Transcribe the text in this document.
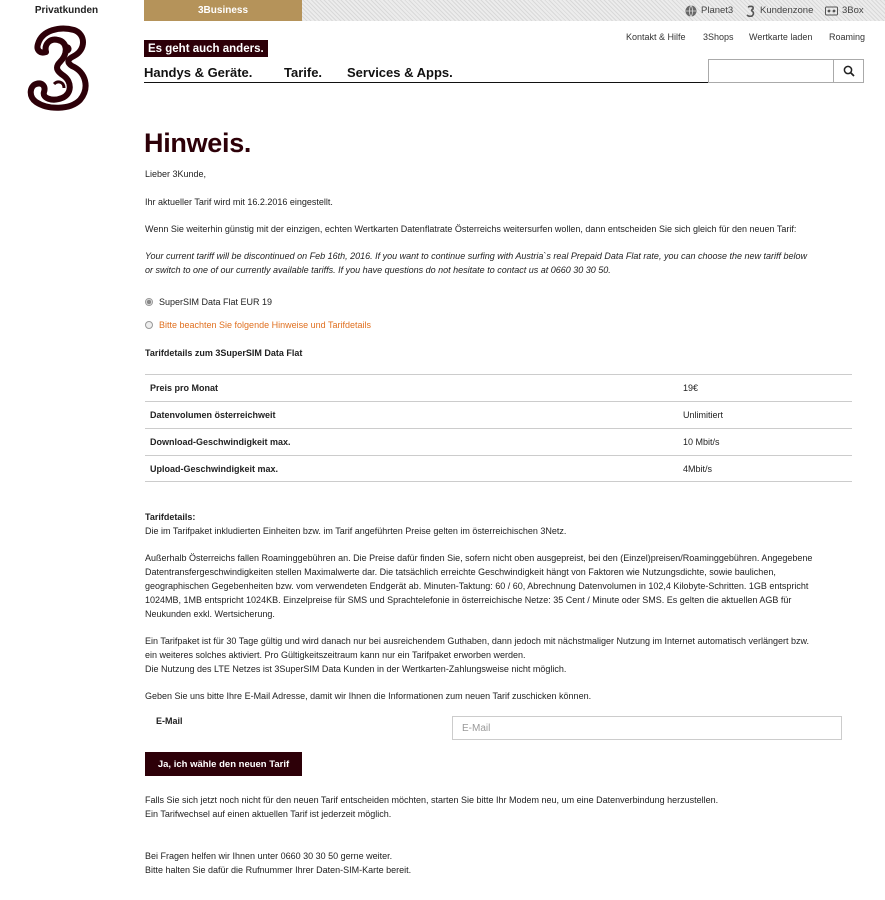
Privatkunden	3Business	Planet3	Kundenzone	3Box
Es geht auch anders.
Kontakt & Hilfe 3Shops Wertkarte laden Roaming
Handys & Geräte. Tarife. Services & Apps.
Hinweis.
Lieber 3Kunde,
Ihr aktueller Tarif wird mit 16.2.2016 eingestellt.
Wenn Sie weiterhin günstig mit der einzigen, echten Wertkarten Datenflatrate Österreichs weitersurfen wollen, dann entscheiden Sie sich gleich für den neuen Tarif:
Your current tariff will be discontinued on Feb 16th, 2016. If you want to continue surfing with Austria`s real Prepaid Data Flat rate, you can choose the new tariff below
or switch to one of our currently available tariffs. If you have questions do not hesitate to contact us at 0660 30 30 50.
SuperSIM Data Flat EUR 19
Bitte beachten Sie folgende Hinweise und Tarifdetails
Tarifdetails zum 3SuperSIM Data Flat
Preis pro Monat	19€
Datenvolumen österreichweit	Unlimitiert
Download-Geschwindigkeit max.	10 Mbit/s
Upload-Geschwindigkeit max.	4Mbit/s
Tarifdetails:
Die im Tarifpaket inkludierten Einheiten bzw. im Tarif angeführten Preise gelten im österreichischen 3Netz.
Außerhalb Österreichs fallen Roaminggebühren an. Die Preise dafür finden Sie, sofern nicht oben ausgepreist, bei den (Einzel)preisen/Roaminggebühren. Angegebene
Datentransfergeschwindigkeiten stellen Maximalwerte dar. Die tatsächlich erreichte Geschwindigkeit hängt von Faktoren wie Nutzungsdichte, sowie baulichen,
geographischen Gegebenheiten bzw. vom verwendeten Endgerät ab. Minuten-Taktung: 60 / 60, Abrechnung Datenvolumen in 102,4 Kilobyte-Schritten. 1GB entspricht
1024MB, 1MB entspricht 1024KB. Einzelpreise für SMS und Sprachtelefonie in österreichische Netze: 35 Cent / Minute oder SMS. Es gelten die aktuellen AGB für
Neukunden exkl. Wertsicherung.
Ein Tarifpaket ist für 30 Tage gültig und wird danach nur bei ausreichendem Guthaben, dann jedoch mit nächstmaliger Nutzung im Internet automatisch verlängert bzw.
ein weiteres solches aktiviert. Pro Gültigkeitszeitraum kann nur ein Tarifpaket erworben werden.
Die Nutzung des LTE Netzes ist 3SuperSIM Data Kunden in der Wertkarten-Zahlungsweise nicht möglich.
Geben Sie uns bitte Ihre E-Mail Adresse, damit wir Ihnen die Informationen zum neuen Tarif zuschicken können.
E-Mail
E-Mail
Ja, ich wähle den neuen Tarif
Falls Sie sich jetzt noch nicht für den neuen Tarif entscheiden möchten, starten Sie bitte Ihr Modem neu, um eine Datenverbindung herzustellen.
Ein Tarifwechsel auf einen aktuellen Tarif ist jederzeit möglich.
Bei Fragen helfen wir Ihnen unter 0660 30 30 50 gerne weiter.
Bitte halten Sie dafür die Rufnummer Ihrer Daten-SIM-Karte bereit.
